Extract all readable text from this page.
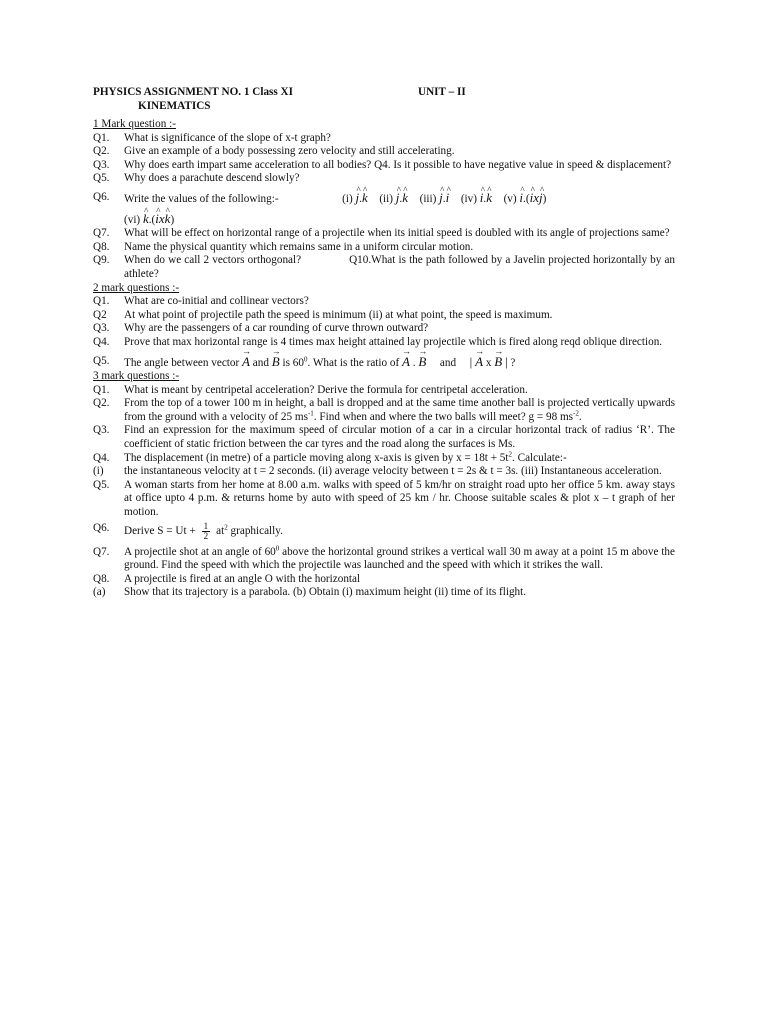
PHYSICS ASSIGNMENT NO. 1 Class XI	UNIT – II
KINEMATICS
1 Mark question :-
Q1.	What is significance of the slope of x-t graph?
Q2.	Give an example of a body possessing zero velocity and still accelerating.
Q3.	Why does earth impart same acceleration to all bodies? Q4. Is it possible to have negative value in speed & displacement?
Q5.	Why does a parachute descend slowly?
Q6.	Write the values of the following:-	(i) ^ j.^ k (ii) ^ j.^ k (iii) ^ j.^ i (iv) ^ i.^ k (v) ^ i.(^ ix^ j)
(vi) ^ k.(^ ix^ k)
Q7.	What will be effect on horizontal range of a projectile when its initial speed is doubled with its angle of projections same?
Q8.	Name the physical quantity which remains same in a uniform circular motion.
Q9.	When do we call 2 vectors orthogonal?	Q10.What is the path followed by a Javelin projected horizontally by an athlete?
2 mark questions :-
Q1.	What are co-initial and collinear vectors?
Q2	At what point of projectile path the speed is minimum (ii) at what point, the speed is maximum.
Q3.	Why are the passengers of a car rounding of curve thrown outward?
Q4.	Prove that max horizontal range is 4 times max height attained lay projectile which is fired along reqd oblique direction.
Q5.	The angle between vector → A and → B is $60^0$. What is the ratio of → A . → B and | → A x → B | ?
3 mark questions :-
Q1.	What is meant by centripetal acceleration? Derive the formula for centripetal acceleration.
Q2.	From the top of a tower 100 m in height, a ball is dropped and at the same time another ball is projected vertically upwards from the ground with a velocity of 25 $ms^{-1}$. Find when and where the two balls will meet? g = 98 $ms^{-2}$.
Q3.	Find an expression for the maximum speed of circular motion of a car in a circular horizontal track of radius ‘R’. The coefficient of static friction between the car tyres and the road along the surfaces is Ms.
Q4.	The displacement (in metre) of a particle moving along x-axis is given by $x = 18t + 5t^2$. Calculate:-
(i)	the instantaneous velocity at t = 2 seconds. (ii) average velocity between t = 2s & t = 3s. (iii) Instantaneous acceleration.
Q5.	A woman starts from her home at 8.00 a.m. walks with speed of 5 km/hr on straight road upto her office 5 km. away stays at office upto 4 p.m. & returns home by auto with speed of 25 km / hr. Choose suitable scales & plot x – t graph of her motion.
Q6.	Derive $S = Ut + \frac{1}{2} at^2$ graphically.
Q7.	A projectile shot at an angle of $60^0$ above the horizontal ground strikes a vertical wall 30 m away at a point 15 m above the ground. Find the speed with which the projectile was launched and the speed with which it strikes the wall.
Q8.	A projectile is fired at an angle O with the horizontal
(a)	Show that its trajectory is a parabola. (b) Obtain (i) maximum height (ii) time of its flight.
